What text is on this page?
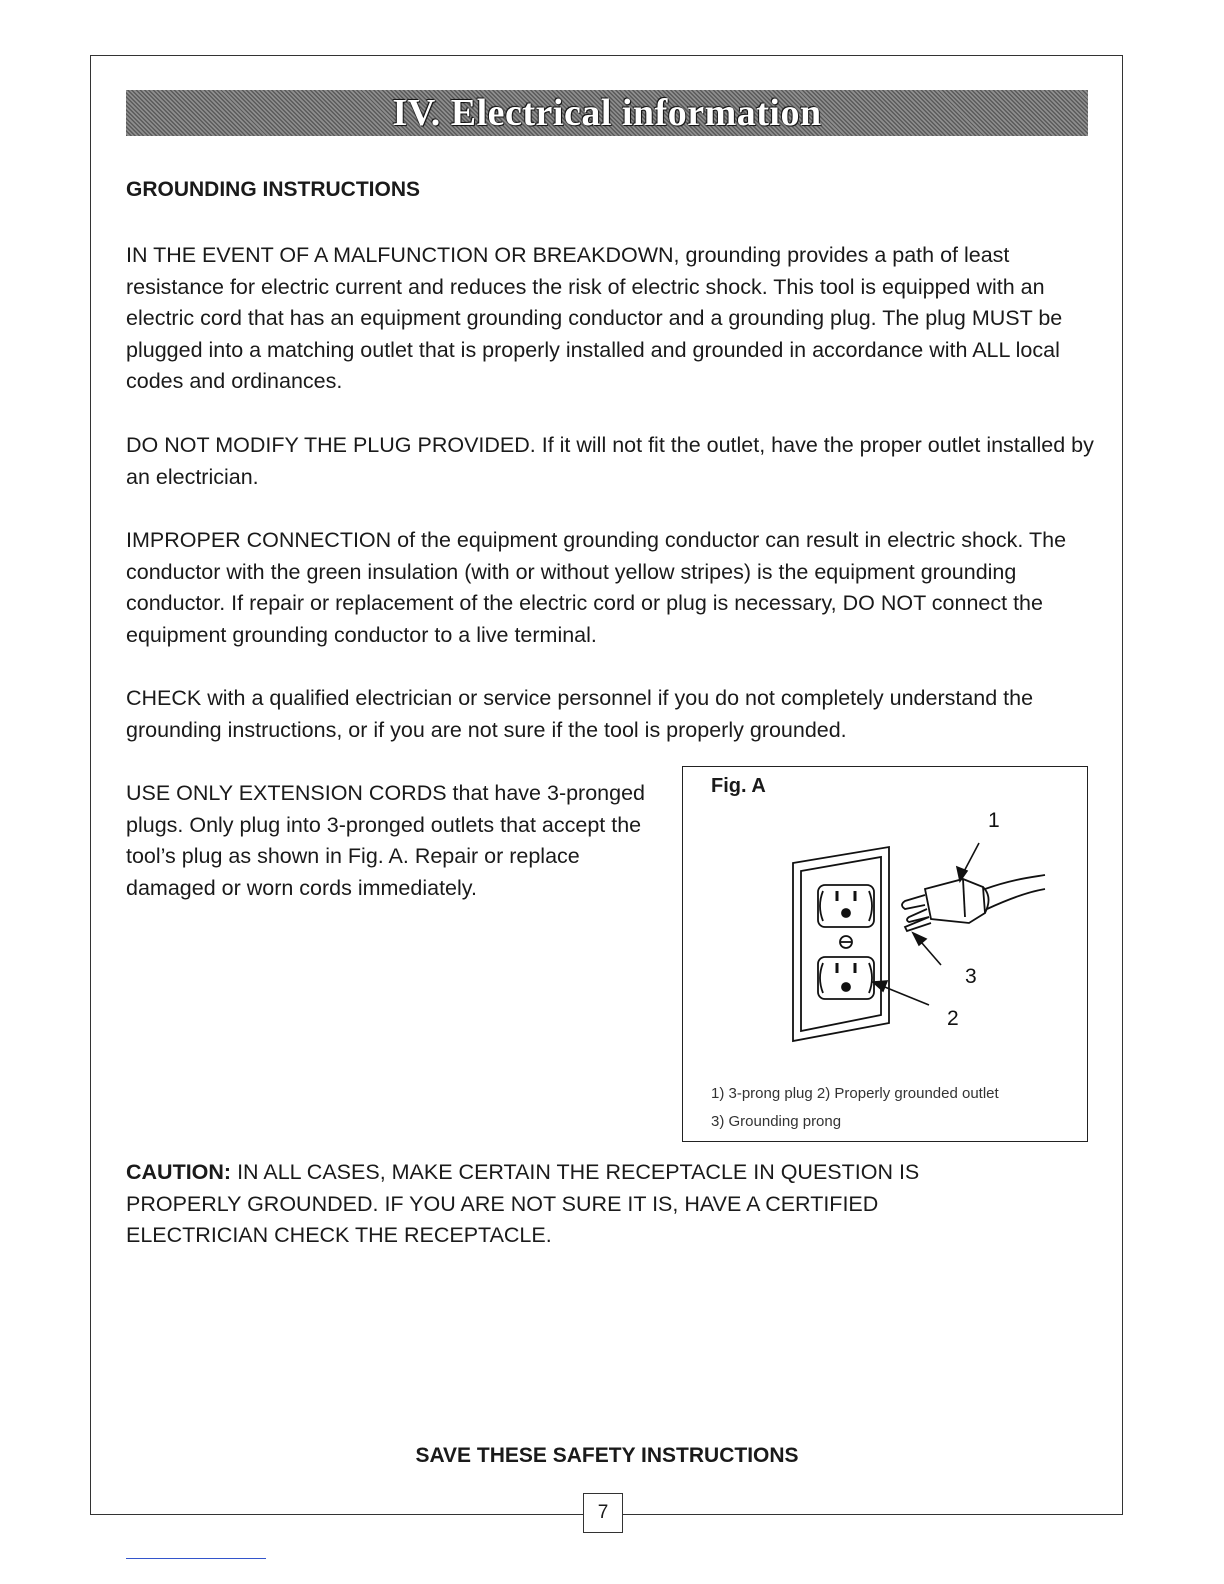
7
IV. Electrical information
GROUNDING INSTRUCTIONS

IN THE EVENT OF A MALFUNCTION OR BREAKDOWN, grounding provides a path of least resistance for electric current and reduces the risk of electric shock. This tool is equipped with an electric cord that has an equipment grounding conductor and a grounding plug. The plug MUST be plugged into a matching outlet that is properly installed and grounded in accordance with ALL local codes and ordinances.

DO NOT MODIFY THE PLUG PROVIDED. If it will not fit the outlet, have the proper outlet installed by an electrician.

IMPROPER CONNECTION of the equipment grounding conductor can result in electric shock. The conductor with the green insulation (with or without yellow stripes) is the equipment grounding conductor. If repair or replacement of the electric cord or plug is necessary, DO NOT connect the equipment grounding conductor to a live terminal.

CHECK with a qualified electrician or service personnel if you do not completely understand the grounding instructions, or if you are not sure if the tool is properly grounded.

USE ONLY EXTENSION CORDS that have 3-pronged plugs. Only plug into 3-pronged outlets that accept the tool’s plug as shown in Fig. A. Repair or replace damaged or worn cords immediately.

Fig. A
1
3
2
1) 3-prong plug 2) Properly grounded outlet
3) Grounding prong

CAUTION: IN ALL CASES, MAKE CERTAIN THE RECEPTACLE IN QUESTION IS PROPERLY GROUNDED. IF YOU ARE NOT SURE IT IS, HAVE A CERTIFIED ELECTRICIAN CHECK THE RECEPTACLE.

SAVE THESE SAFETY INSTRUCTIONS
